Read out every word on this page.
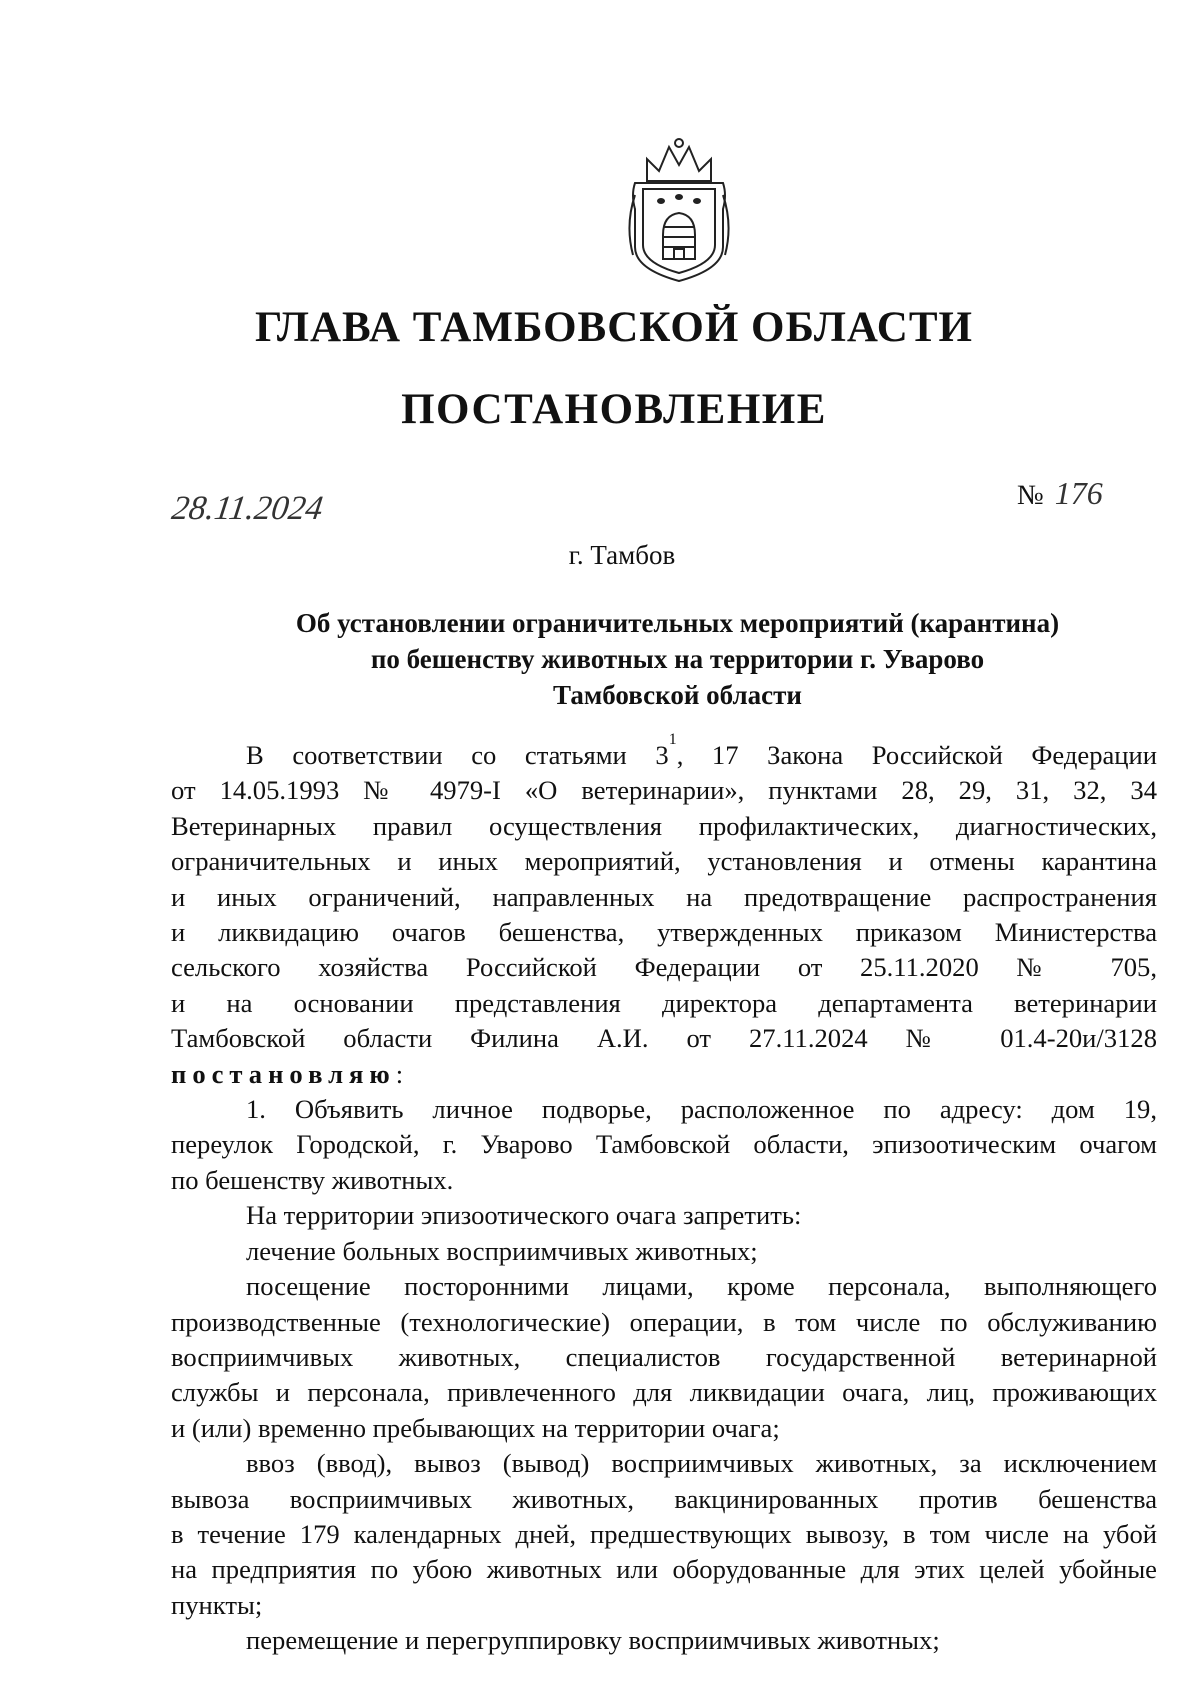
ГЛАВА ТАМБОВСКОЙ ОБЛАСТИ
ПОСТАНОВЛЕНИЕ
28.11.2024	№ 176
г. Тамбов
Об установлении ограничительных мероприятий (карантина)
по бешенству животных на территории г. Уварово
Тамбовской области

В соответствии со статьями $3^1$, 17 Закона Российской Федерации

от 14.05.1993 № 4979-I «О ветеринарии», пунктами 28, 29, 31, 32, 34

Ветеринарных правил осуществления профилактических, диагностических,

ограничительных и иных мероприятий, установления и отмены карантина

и иных ограничений, направленных на предотвращение распространения

и ликвидацию очагов бешенства, утвержденных приказом Министерства

сельского хозяйства Российской Федерации от 25.11.2020 № 705,

и на основании представления директора департамента ветеринарии

Тамбовской области Филина А.И. от 27.11.2024 № 01.4-20и/3128

постановляю:

1. Объявить личное подворье, расположенное по адресу: дом 19,

переулок Городской, г. Уварово Тамбовской области, эпизоотическим очагом

по бешенству животных.

На территории эпизоотического очага запретить:

лечение больных восприимчивых животных;

посещение посторонними лицами, кроме персонала, выполняющего

производственные (технологические) операции, в том числе по обслуживанию

восприимчивых животных, специалистов государственной ветеринарной

службы и персонала, привлеченного для ликвидации очага, лиц, проживающих

и (или) временно пребывающих на территории очага;

ввоз (ввод), вывоз (вывод) восприимчивых животных, за исключением

вывоза восприимчивых животных, вакцинированных против бешенства

в течение 179 календарных дней, предшествующих вывозу, в том числе на убой

на предприятия по убою животных или оборудованные для этих целей убойные

пункты;

перемещение и перегруппировку восприимчивых животных;
